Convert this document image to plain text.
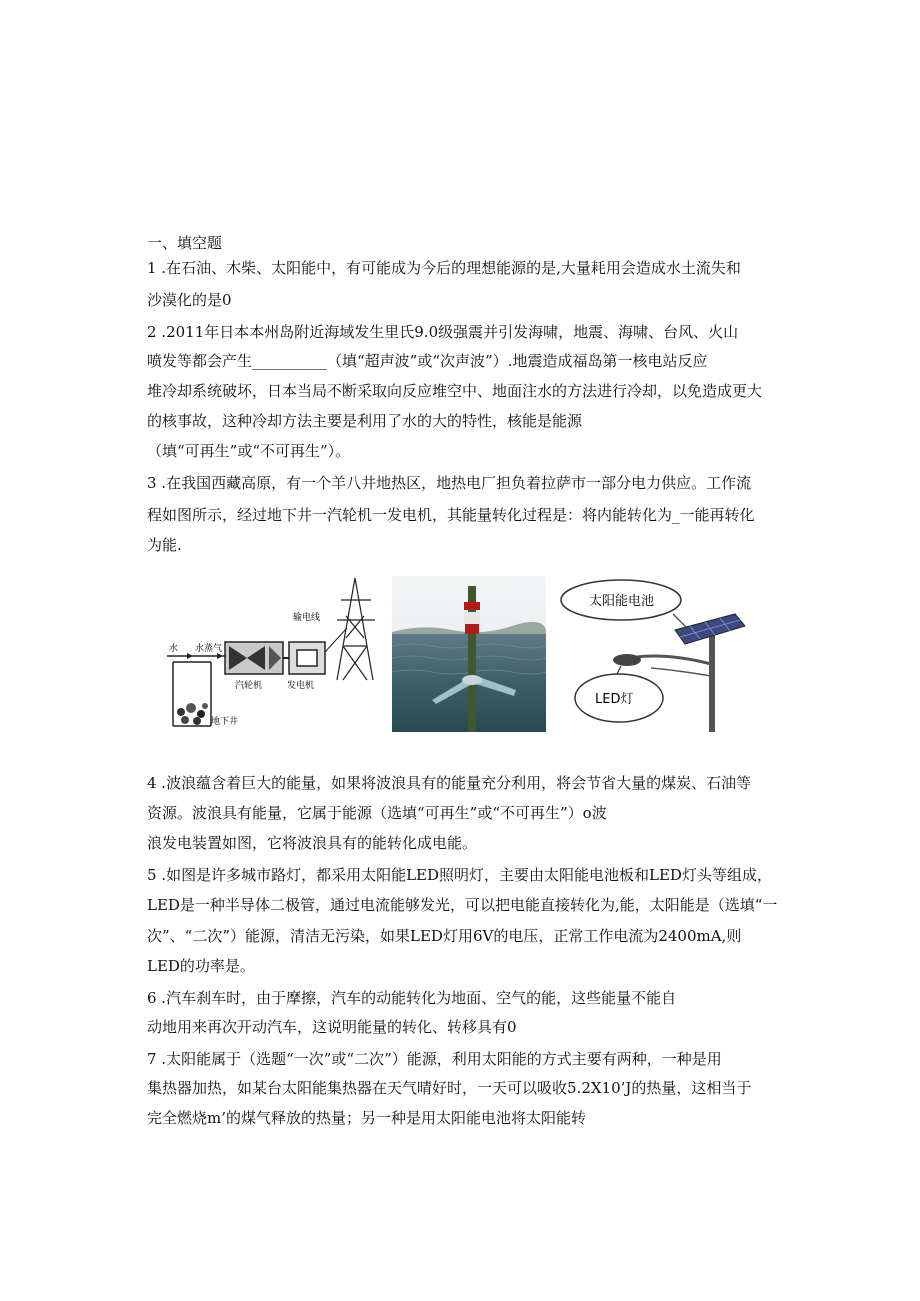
一、填空题
1 .在石油、木柴、太阳能中，有可能成为今后的理想能源的是,大量耗用会造成水土流失和
沙漠化的是0
2 .2011年日本本州岛附近海域发生里氏9.0级强震并引发海啸，地震、海啸、台风、火山
喷发等都会产生__________（填“超声波”或“次声波”）.地震造成福岛第一核电站反应
堆冷却系统破坏，日本当局不断采取向反应堆空中、地面注水的方法进行冷却，以免造成更大
的核事故，这种冷却方法主要是利用了水的大的特性，核能是能源
（填“可再生”或“不可再生”）。
3 .在我国西藏高原，有一个羊八井地热区，地热电厂担负着拉萨市一部分电力供应。工作流
程如图所示，经过地下井一汽轮机一发电机，其能量转化过程是：将内能转化为_一能再转化
为能.
水 水蒸气
输电线
汽轮机	发电机
地下井
太阳能电池
LED灯
4 .波浪蕴含着巨大的能量，如果将波浪具有的能量充分利用，将会节省大量的煤炭、石油等
资源。波浪具有能量，它属于能源（选填“可再生”或“不可再生”）o波
浪发电装置如图，它将波浪具有的能转化成电能。
5 .如图是许多城市路灯，都采用太阳能LED照明灯，主要由太阳能电池板和LED灯头等组成，
LED是一种半导体二极管，通过电流能够发光，可以把电能直接转化为,能，太阳能是（选填“一
次”、“二次”）能源，清洁无污染，如果LED灯用6V的电压，正常工作电流为2400mA,则
LED的功率是。
6 .汽车刹车时，由于摩擦，汽车的动能转化为地面、空气的能，这些能量不能自
动地用来再次开动汽车，这说明能量的转化、转移具有0
7 .太阳能属于（选题“一次”或“二次”）能源，利用太阳能的方式主要有两种，一种是用
集热器加热，如某台太阳能集热器在天气晴好时，一天可以吸收5.2X10’J的热量，这相当于
完全燃烧m’的煤气释放的热量；另一种是用太阳能电池将太阳能转
